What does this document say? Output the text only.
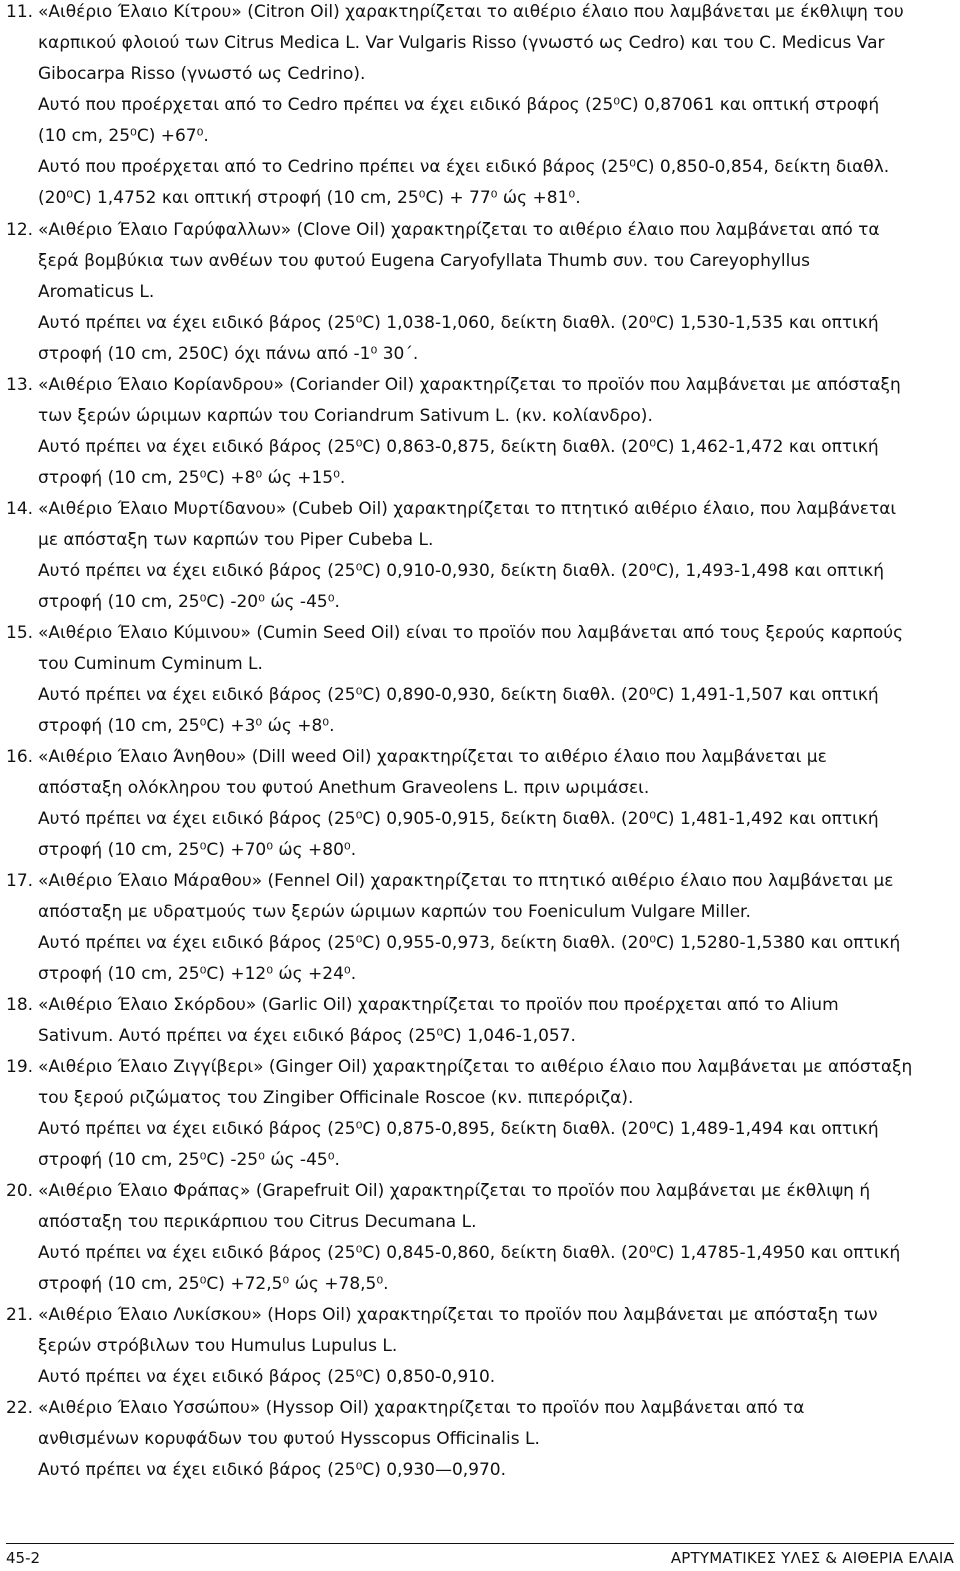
11. «Αιθέριο Έλαιο Κίτρου» (Citron Oil) χαρακτηρίζεται το αιθέριο έλαιο που λαμβάνεται με έκθλιψη του
καρπικού φλοιού των Citrus Medica L. Var Vulgaris Risso (γνωστό ως Cedro) και του C. Medicus Var
Gibocarpa Risso (γνωστό ως Cedrino).
Αυτό που προέρχεται από το Cedro πρέπει να έχει ειδικό βάρος (25⁰C) 0,87061 και οπτική στροφή
(10 cm, 25⁰C) +67⁰.
Αυτό που προέρχεται από το Cedrino πρέπει να έχει ειδικό βάρος (25⁰C) 0,850-0,854, δείκτη διαθλ.
(20⁰C) 1,4752 και οπτική στροφή (10 cm, 25⁰C) + 77⁰ ώς +81⁰.
12. «Αιθέριο Έλαιο Γαρύφαλλων» (Clove Oil) χαρακτηρίζεται το αιθέριο έλαιο που λαμβάνεται από τα
ξερά βομβύκια των ανθέων του φυτού Eugena Caryofyllata Thumb συν. του Careyophyllus
Aromaticus L.
Αυτό πρέπει να έχει ειδικό βάρος (25⁰C) 1,038-1,060, δείκτη διαθλ. (20⁰C) 1,530-1,535 και οπτική
στροφή (10 cm, 250C) όχι πάνω από -1⁰ 30΄.
13. «Αιθέριο Έλαιο Κορίανδρου» (Coriander Oil) χαρακτηρίζεται το προϊόν που λαμβάνεται με απόσταξη
των ξερών ώριμων καρπών του Coriandrum Sativum L. (κν. κολίανδρο).
Αυτό πρέπει να έχει ειδικό βάρος (25⁰C) 0,863-0,875, δείκτη διαθλ. (20⁰C) 1,462-1,472 και οπτική
στροφή (10 cm, 25⁰C) +8⁰ ώς +15⁰.
14. «Αιθέριο Έλαιο Μυρτίδανου» (Cubeb Oil) χαρακτηρίζεται το πτητικό αιθέριο έλαιο, που λαμβάνεται
με απόσταξη των καρπών του Piper Cubeba L.
Αυτό πρέπει να έχει ειδικό βάρος (25⁰C) 0,910-0,930, δείκτη διαθλ. (20⁰C), 1,493-1,498 και οπτική
στροφή (10 cm, 25⁰C) -20⁰ ώς -45⁰.
15. «Αιθέριο Έλαιο Κύμινου» (Cumin Seed Oil) είναι το προϊόν που λαμβάνεται από τους ξερούς καρπούς
του Cuminum Cyminum L.
Αυτό πρέπει να έχει ειδικό βάρος (25⁰C) 0,890-0,930, δείκτη διαθλ. (20⁰C) 1,491-1,507 και οπτική
στροφή (10 cm, 25⁰C) +3⁰ ώς +8⁰.
16. «Αιθέριο Έλαιο Άνηθου» (Dill weed Oil) χαρακτηρίζεται το αιθέριο έλαιο που λαμβάνεται με
απόσταξη ολόκληρου του φυτού Anethum Graveolens L. πριν ωριμάσει.
Αυτό πρέπει να έχει ειδικό βάρος (25⁰C) 0,905-0,915, δείκτη διαθλ. (20⁰C) 1,481-1,492 και οπτική
στροφή (10 cm, 25⁰C) +70⁰ ώς +80⁰.
17. «Αιθέριο Έλαιο Μάραθου» (Fennel Oil) χαρακτηρίζεται το πτητικό αιθέριο έλαιο που λαμβάνεται με
απόσταξη με υδρατμούς των ξερών ώριμων καρπών του Foeniculum Vulgare Miller.
Αυτό πρέπει να έχει ειδικό βάρος (25⁰C) 0,955-0,973, δείκτη διαθλ. (20⁰C) 1,5280-1,5380 και οπτική
στροφή (10 cm, 25⁰C) +12⁰ ώς +24⁰.
18. «Αιθέριο Έλαιο Σκόρδου» (Garlic Oil) χαρακτηρίζεται το προϊόν που προέρχεται από το Alium
Sativum. Αυτό πρέπει να έχει ειδικό βάρος (25⁰C) 1,046-1,057.
19. «Αιθέριο Έλαιο Ζιγγίβερι» (Ginger Oil) χαρακτηρίζεται το αιθέριο έλαιο που λαμβάνεται με απόσταξη
του ξερού ριζώματος του Zingiber Officinale Roscoe (κν. πιπερόριζα).
Αυτό πρέπει να έχει ειδικό βάρος (25⁰C) 0,875-0,895, δείκτη διαθλ. (20⁰C) 1,489-1,494 και οπτική
στροφή (10 cm, 25⁰C) -25⁰ ώς -45⁰.
20. «Αιθέριο Έλαιο Φράπας» (Grapefruit Oil) χαρακτηρίζεται το προϊόν που λαμβάνεται με έκθλιψη ή
απόσταξη του περικάρπιου του Citrus Decumana L.
Αυτό πρέπει να έχει ειδικό βάρος (25⁰C) 0,845-0,860, δείκτη διαθλ. (20⁰C) 1,4785-1,4950 και οπτική
στροφή (10 cm, 25⁰C) +72,5⁰ ώς +78,5⁰.
21. «Αιθέριο Έλαιο Λυκίσκου» (Hops Oil) χαρακτηρίζεται το προϊόν που λαμβάνεται με απόσταξη των
ξερών στρόβιλων του Humulus Lupulus L.
Αυτό πρέπει να έχει ειδικό βάρος (25⁰C) 0,850-0,910.
22. «Αιθέριο Έλαιο Υσσώπου» (Hyssop Oil) χαρακτηρίζεται το προϊόν που λαμβάνεται από τα
ανθισμένων κορυφάδων του φυτού Hysscopus Officinalis L.
Αυτό πρέπει να έχει ειδικό βάρος (25⁰C) 0,930—0,970.
45-2	ΑΡΤΥΜΑΤΙΚΕΣ ΥΛΕΣ & ΑΙΘΕΡΙΑ ΕΛΑΙΑ
